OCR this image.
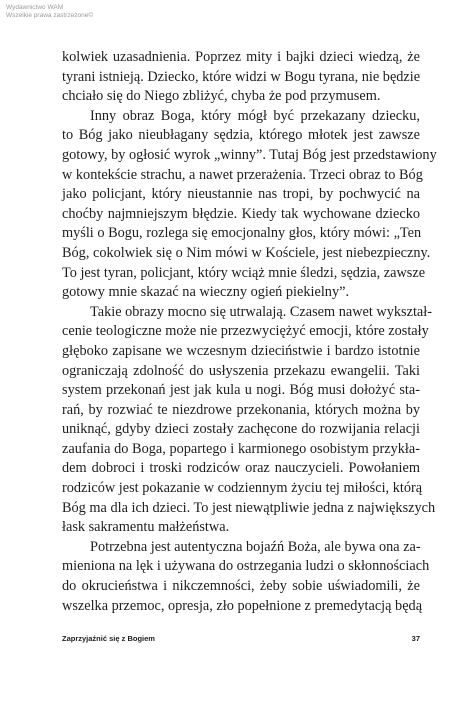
Wydawnictwo WAM
Wszelkie prawa zastrzeżone©
kolwiek uzasadnienia. Poprzez mity i bajki dzieci wiedzą, że
tyrani istnieją. Dziecko, które widzi w Bogu tyrana, nie będzie
chciało się do Niego zbliżyć, chyba że pod przymusem.
Inny obraz Boga, który mógł być przekazany dziecku,
to Bóg jako nieubłagany sędzia, którego młotek jest zawsze
gotowy, by ogłosić wyrok „winny”. Tutaj Bóg jest przedstawiony
w kontekście strachu, a nawet przerażenia. Trzeci obraz to Bóg
jako policjant, który nieustannie nas tropi, by pochwycić na
choćby najmniejszym błędzie. Kiedy tak wychowane dziecko
myśli o Bogu, rozlega się emocjonalny głos, który mówi: „Ten
Bóg, cokolwiek się o Nim mówi w Kościele, jest niebezpieczny.
To jest tyran, policjant, który wciąż mnie śledzi, sędzia, zawsze
gotowy mnie skazać na wieczny ogień piekielny”.
Takie obrazy mocno się utrwalają. Czasem nawet wykształ-
cenie teologiczne może nie przezwyciężyć emocji, które zostały
głęboko zapisane we wczesnym dzieciństwie i bardzo istotnie
ograniczają zdolność do usłyszenia przekazu ewangelii. Taki
system przekonań jest jak kula u nogi. Bóg musi dołożyć sta-
rań, by rozwiać te niezdrowe przekonania, których można by
uniknąć, gdyby dzieci zostały zachęcone do rozwijania relacji
zaufania do Boga, popartego i karmionego osobistym przykła-
dem dobroci i troski rodziców oraz nauczycieli. Powołaniem
rodziców jest pokazanie w codziennym życiu tej miłości, którą
Bóg ma dla ich dzieci. To jest niewątpliwie jedna z największych
łask sakramentu małżeństwa.
Potrzebna jest autentyczna bojaźń Boża, ale bywa ona za-
mieniona na lęk i używana do ostrzegania ludzi o skłonnościach
do okrucieństwa i nikczemności, żeby sobie uświadomili, że
wszelka przemoc, opresja, zło popełnione z premedytacją będą
Zaprzyjaźnić się z Bogiem	37
